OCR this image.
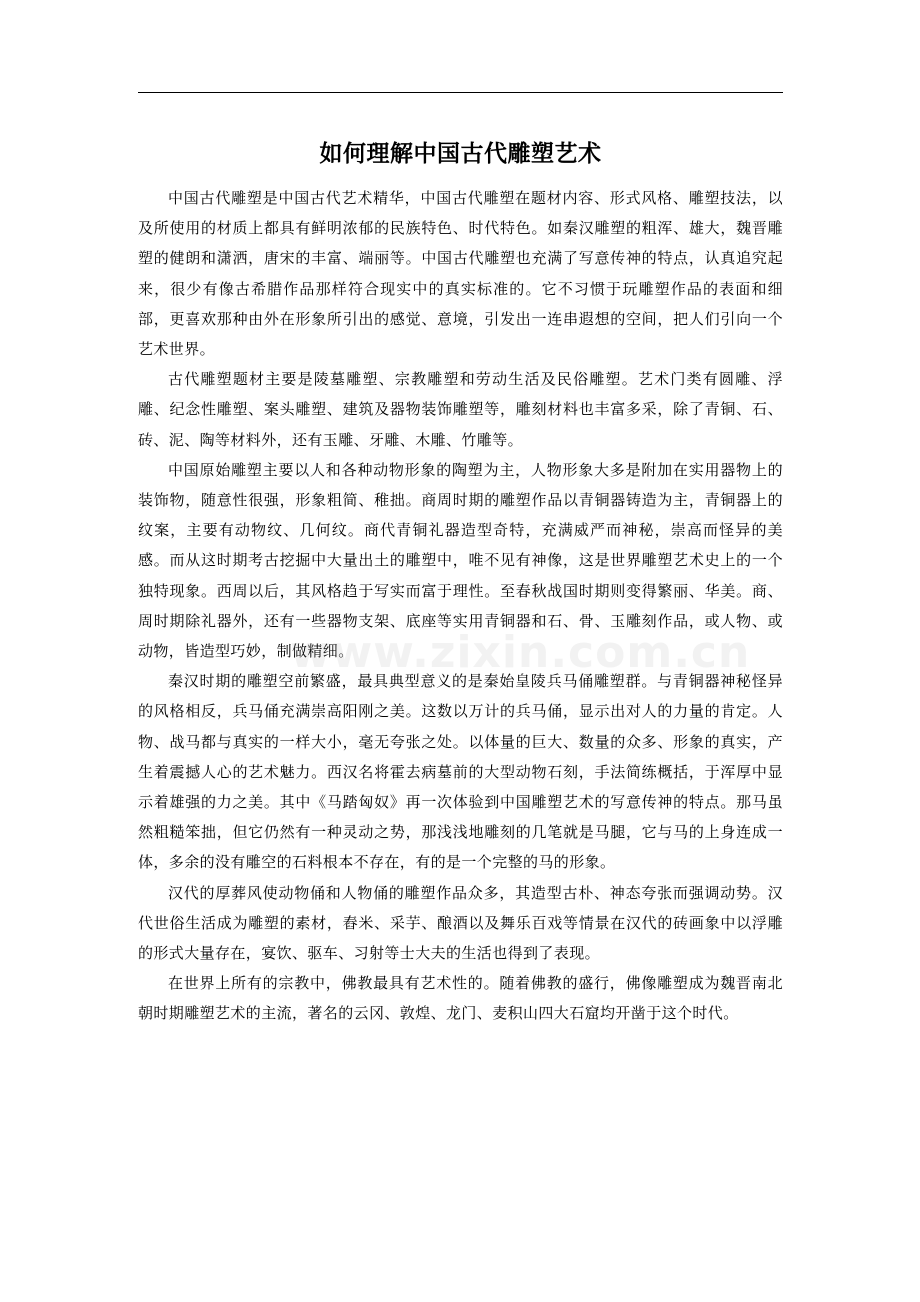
如何理解中国古代雕塑艺术

中国古代雕塑是中国古代艺术精华，中国古代雕塑在题材内容、形式风格、雕塑技法，以及所使用的材质上都具有鲜明浓郁的民族特色、时代特色。如秦汉雕塑的粗浑、雄大，魏晋雕塑的健朗和潇洒，唐宋的丰富、端丽等。中国古代雕塑也充满了写意传神的特点，认真追究起来，很少有像古希腊作品那样符合现实中的真实标准的。它不习惯于玩雕塑作品的表面和细部，更喜欢那种由外在形象所引出的感觉、意境，引发出一连串遐想的空间，把人们引向一个艺术世界。

古代雕塑题材主要是陵墓雕塑、宗教雕塑和劳动生活及民俗雕塑。艺术门类有圆雕、浮雕、纪念性雕塑、案头雕塑、建筑及器物装饰雕塑等，雕刻材料也丰富多采，除了青铜、石、砖、泥、陶等材料外，还有玉雕、牙雕、木雕、竹雕等。

中国原始雕塑主要以人和各种动物形象的陶塑为主，人物形象大多是附加在实用器物上的装饰物，随意性很强，形象粗简、稚拙。商周时期的雕塑作品以青铜器铸造为主，青铜器上的纹案，主要有动物纹、几何纹。商代青铜礼器造型奇特，充满威严而神秘，崇高而怪异的美感。而从这时期考古挖掘中大量出土的雕塑中，唯不见有神像，这是世界雕塑艺术史上的一个独特现象。西周以后，其风格趋于写实而富于理性。至春秋战国时期则变得繁丽、华美。商、周时期除礼器外，还有一些器物支架、底座等实用青铜器和石、骨、玉雕刻作品，或人物、或动物，皆造型巧妙，制做精细。

秦汉时期的雕塑空前繁盛，最具典型意义的是秦始皇陵兵马俑雕塑群。与青铜器神秘怪异的风格相反，兵马俑充满崇高阳刚之美。这数以万计的兵马俑，显示出对人的力量的肯定。人物、战马都与真实的一样大小，毫无夸张之处。以体量的巨大、数量的众多、形象的真实，产生着震撼人心的艺术魅力。西汉名将霍去病墓前的大型动物石刻，手法简练概括，于浑厚中显示着雄强的力之美。其中《马踏匈奴》再一次体验到中国雕塑艺术的写意传神的特点。那马虽然粗糙笨拙，但它仍然有一种灵动之势，那浅浅地雕刻的几笔就是马腿，它与马的上身连成一体，多余的没有雕空的石料根本不存在，有的是一个完整的马的形象。

汉代的厚葬风使动物俑和人物俑的雕塑作品众多，其造型古朴、神态夸张而强调动势。汉代世俗生活成为雕塑的素材，舂米、采芋、酿酒以及舞乐百戏等情景在汉代的砖画象中以浮雕的形式大量存在，宴饮、驱车、习射等士大夫的生活也得到了表现。

在世界上所有的宗教中，佛教最具有艺术性的。随着佛教的盛行，佛像雕塑成为魏晋南北朝时期雕塑艺术的主流，著名的云冈、敦煌、龙门、麦积山四大石窟均开凿于这个时代。

www.zixin.com.cn
